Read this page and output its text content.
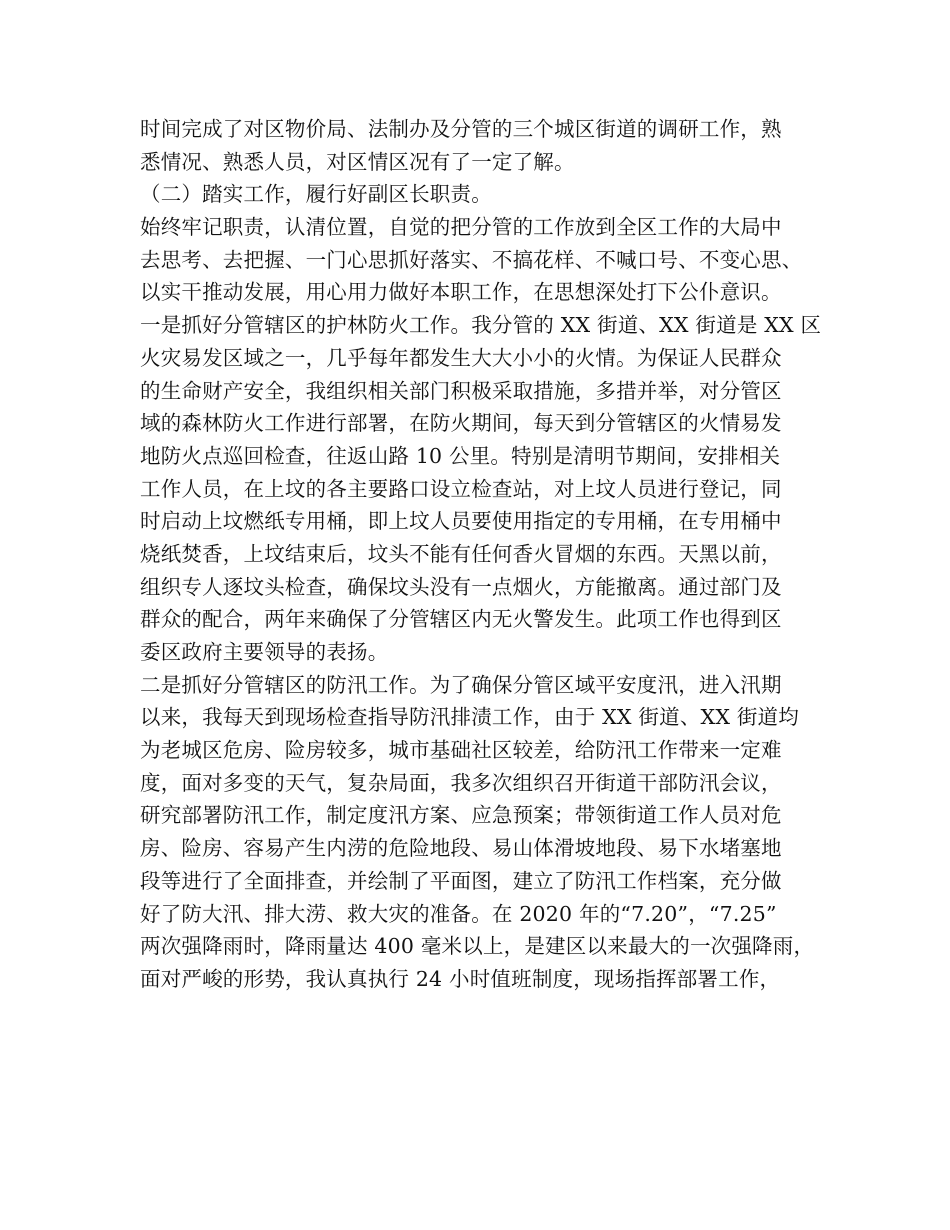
时间完成了对区物价局、法制办及分管的三个城区街道的调研工作，熟
悉情况、熟悉人员，对区情区况有了一定了解。
（二）踏实工作，履行好副区长职责。
始终牢记职责，认清位置，自觉的把分管的工作放到全区工作的大局中
去思考、去把握、一门心思抓好落实、不搞花样、不喊口号、不变心思、
以实干推动发展，用心用力做好本职工作，在思想深处打下公仆意识。
一是抓好分管辖区的护林防火工作。我分管的 XX 街道、XX 街道是 XX 区
火灾易发区域之一，几乎每年都发生大大小小的火情。为保证人民群众
的生命财产安全，我组织相关部门积极采取措施，多措并举，对分管区
域的森林防火工作进行部署，在防火期间，每天到分管辖区的火情易发
地防火点巡回检查，往返山路 10 公里。特别是清明节期间，安排相关
工作人员，在上坟的各主要路口设立检查站，对上坟人员进行登记，同
时启动上坟燃纸专用桶，即上坟人员要使用指定的专用桶，在专用桶中
烧纸焚香，上坟结束后，坟头不能有任何香火冒烟的东西。天黑以前，
组织专人逐坟头检查，确保坟头没有一点烟火，方能撤离。通过部门及
群众的配合，两年来确保了分管辖区内无火警发生。此项工作也得到区
委区政府主要领导的表扬。
二是抓好分管辖区的防汛工作。为了确保分管区域平安度汛，进入汛期
以来，我每天到现场检查指导防汛排渍工作，由于 XX 街道、XX 街道均
为老城区危房、险房较多，城市基础社区较差，给防汛工作带来一定难
度，面对多变的天气，复杂局面，我多次组织召开街道干部防汛会议，
研究部署防汛工作，制定度汛方案、应急预案；带领街道工作人员对危
房、险房、容易产生内涝的危险地段、易山体滑坡地段、易下水堵塞地
段等进行了全面排查，并绘制了平面图，建立了防汛工作档案，充分做
好了防大汛、排大涝、救大灾的准备。在 2020 年的“7.20”，“7.25”
两次强降雨时，降雨量达 400 毫米以上，是建区以来最大的一次强降雨，
面对严峻的形势，我认真执行 24 小时值班制度，现场指挥部署工作，
